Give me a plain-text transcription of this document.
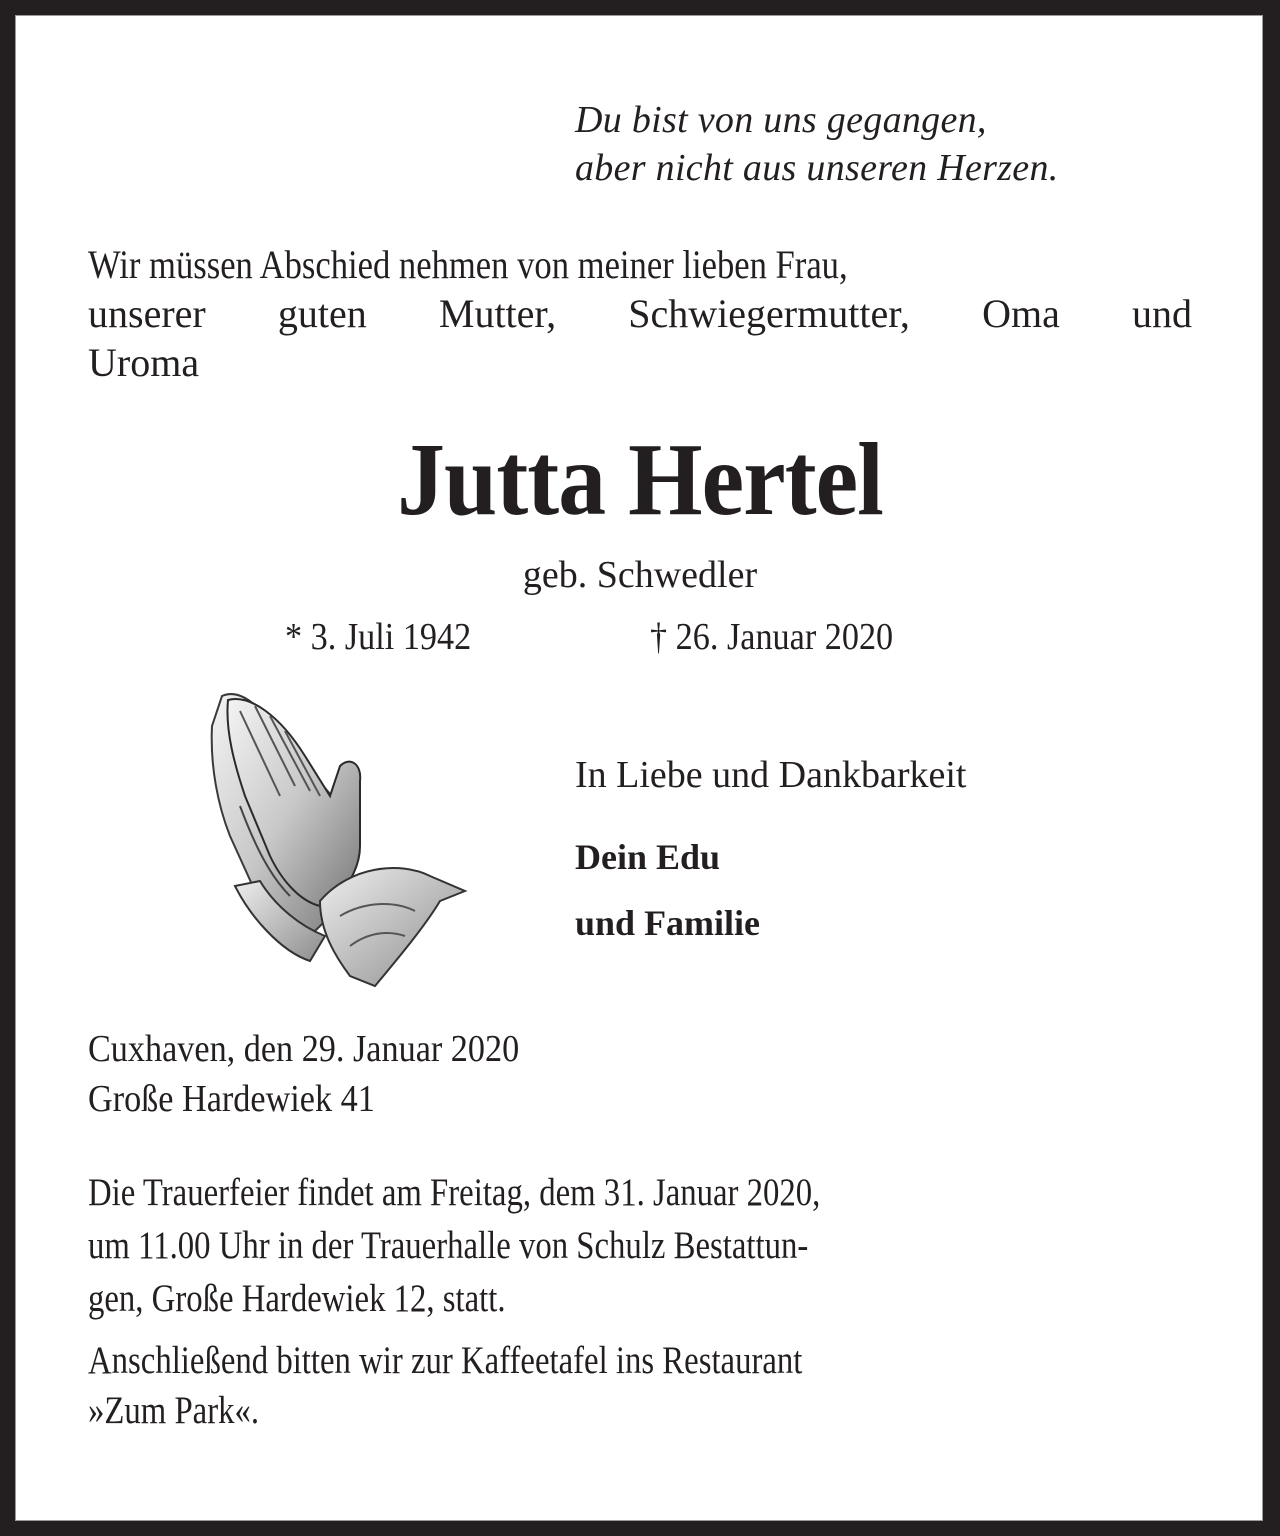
Du bist von uns gegangen,
aber nicht aus unseren Herzen.
Wir müssen Abschied nehmen von meiner lieben Frau,
unserer guten Mutter, Schwiegermutter, Oma und
Uroma
Jutta Hertel
geb. Schwedler
* 3. Juli 1942	† 26. Januar 2020
In Liebe und Dankbarkeit
Dein Edu
und Familie
Cuxhaven, den 29. Januar 2020
Große Hardewiek 41
Die Trauerfeier findet am Freitag, dem 31. Januar 2020,
um 11.00 Uhr in der Trauerhalle von Schulz Bestattun-
gen, Große Hardewiek 12, statt.
Anschließend bitten wir zur Kaffeetafel ins Restaurant
»Zum Park«.
